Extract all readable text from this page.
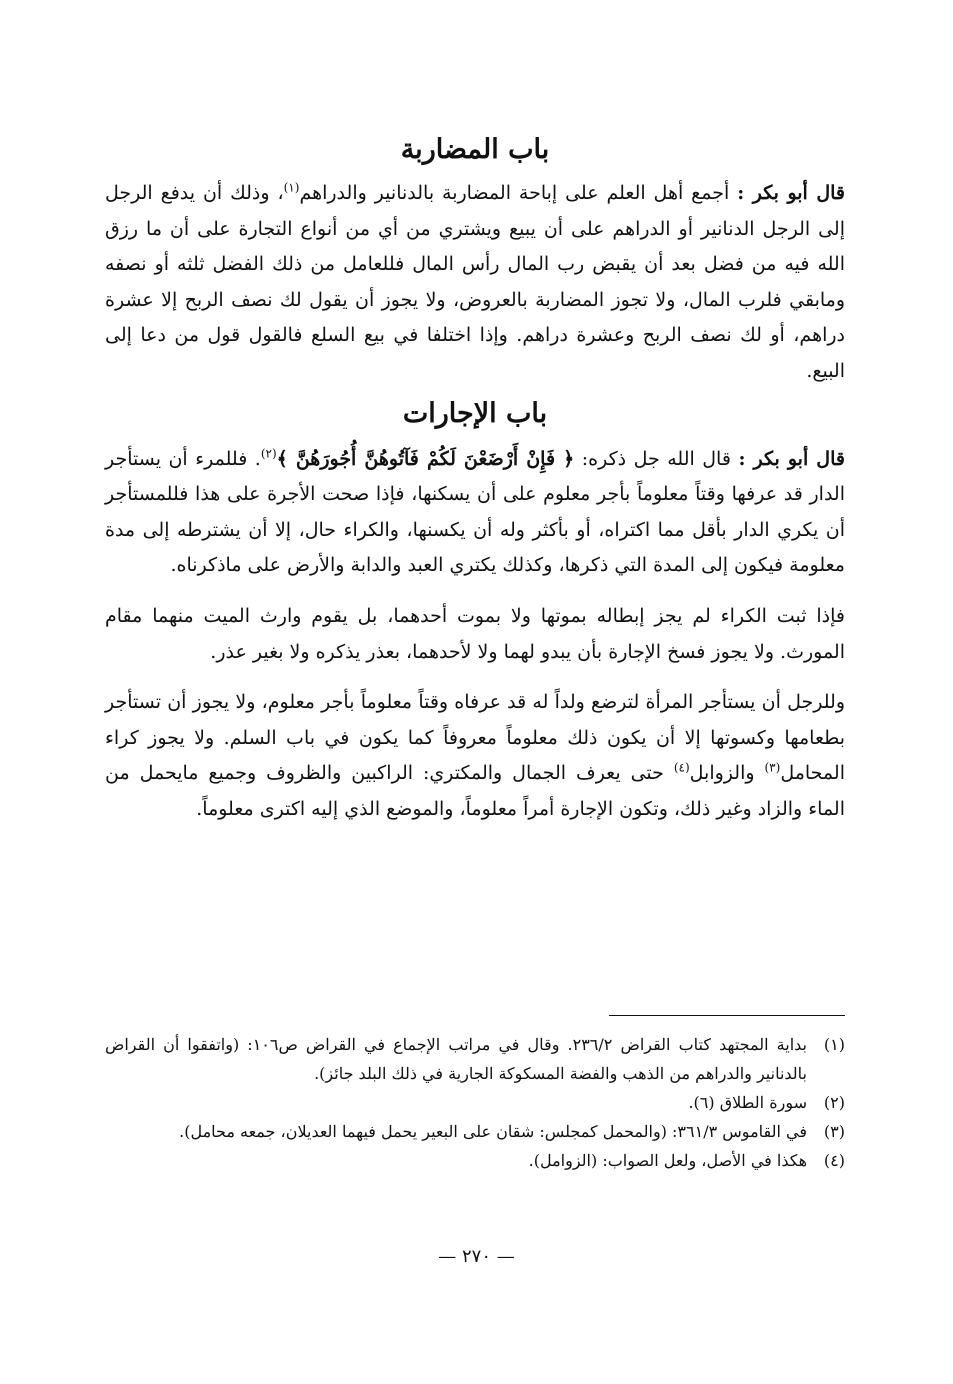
باب المضاربة

قال أبو بكر : أجمع أهل العلم على إباحة المضاربة بالدنانير والدراهم$^{(١)}$، وذلك أن يدفع الرجل إلى الرجل الدنانير أو الدراهم على أن يبيع ويشتري من أي من أنواع التجارة على أن ما رزق الله فيه من فضل بعد أن يقبض رب المال رأس المال فللعامل من ذلك الفضل ثلثه أو نصفه ومابقي فلرب المال، ولا تجوز المضاربة بالعروض، ولا يجوز أن يقول لك نصف الربح إلا عشرة دراهم، أو لك نصف الربح وعشرة دراهم. وإذا اختلفا في بيع السلع فالقول قول من دعا إلى البيع.

باب الإجارات

قال أبو بكر : قال الله جل ذكره: ﴿ فَإِنْ أَرْضَعْنَ لَكُمْ فَآتُوهُنَّ أُجُورَهُنَّ ﴾$^{(٢)}$. فللمرء أن يستأجر الدار قد عرفها وقتاً معلوماً بأجر معلوم على أن يسكنها، فإذا صحت الأجرة على هذا فللمستأجر أن يكري الدار بأقل مما اكتراه، أو بأكثر وله أن يكسنها، والكراء حال، إلا أن يشترطه إلى مدة معلومة فيكون إلى المدة التي ذكرها، وكذلك يكتري العبد والدابة والأرض على ماذكرناه.

فإذا ثبت الكراء لم يجز إبطاله بموتها ولا بموت أحدهما، بل يقوم وارث الميت منهما مقام المورث. ولا يجوز فسخ الإجارة بأن يبدو لهما ولا لأحدهما، بعذر يذكره ولا بغير عذر.

وللرجل أن يستأجر المرأة لترضع ولداً له قد عرفاه وقتاً معلوماً بأجر معلوم، ولا يجوز أن تستأجر بطعامها وكسوتها إلا أن يكون ذلك معلوماً معروفاً كما يكون في باب السلم. ولا يجوز كراء المحامل$^{(٣)}$ والزوابل$^{(٤)}$ حتى يعرف الجمال والمكتري: الراكبين والظروف وجميع مايحمل من الماء والزاد وغير ذلك، وتكون الإجارة أمراً معلوماً، والموضع الذي إليه اكترى معلوماً.

(١)
بداية المجتهد كتاب القراض ٢٣٦/٢. وقال في مراتب الإجماع في القراض ص١٠٦: (واتفقوا أن القراض بالدنانير والدراهم من الذهب والفضة المسكوكة الجارية في ذلك البلد جائز).
(٢)
سورة الطلاق (٦).
(٣)
في القاموس ٣٦١/٣: (والمحمل كمجلس: شقان على البعير يحمل فيهما العديلان، جمعه محامل).
(٤)
هكذا في الأصل، ولعل الصواب: (الزوامل).
— ٢٧٠ —
